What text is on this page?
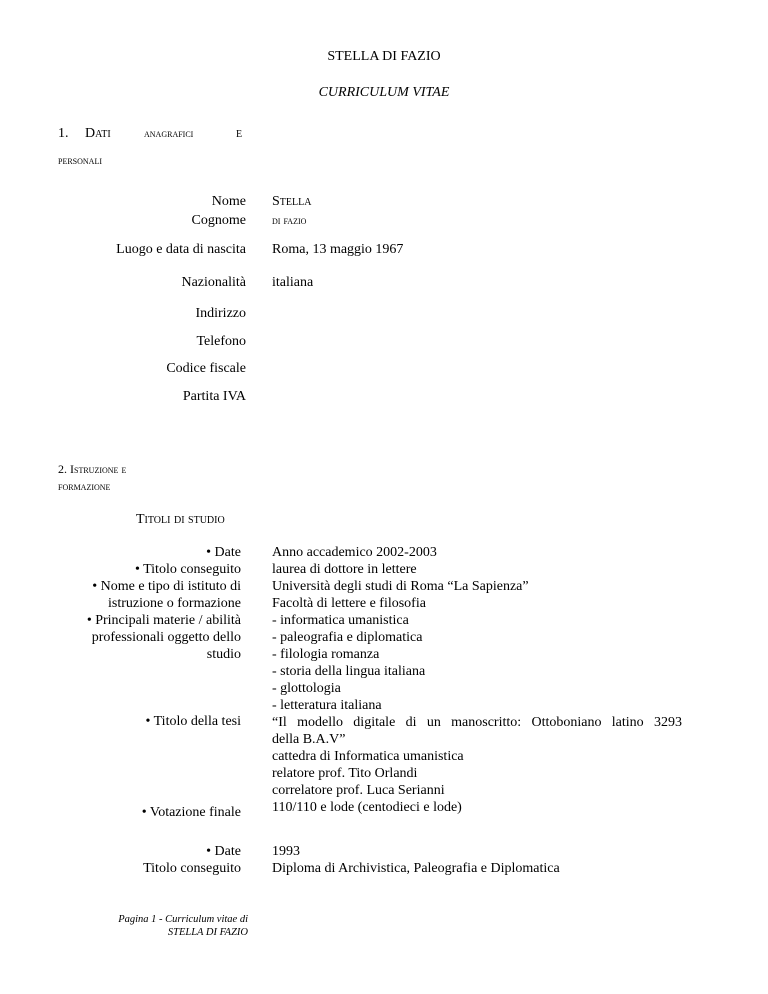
STELLA DI FAZIO
CURRICULUM VITAE
1. Dati	anagrafici	e
personali
Nome Stella
Cognome di fazio
Luogo e data di nascita Roma, 13 maggio 1967
Nazionalità italiana
Indirizzo
Telefono
Codice fiscale
Partita IVA
2. Istruzione e
formazione
Titoli di studio
• Date
• Titolo conseguito
• Nome e tipo di istituto di
istruzione o formazione
• Principali materie / abilità
professionali oggetto dello
studio
Anno accademico 2002-2003
laurea di dottore in lettere
Università degli studi di Roma “La Sapienza”
Facoltà di lettere e filosofia
- informatica umanistica
- paleografia e diplomatica
- filologia romanza
- storia della lingua italiana
- glottologia
- letteratura italiana
“Il modello digitale di un manoscritto: Ottoboniano latino 3293
della B.A.V”
cattedra di Informatica umanistica
relatore prof. Tito Orlandi
correlatore prof. Luca Serianni
110/110 e lode (centodieci e lode)
• Titolo della tesi
• Votazione finale
• Date
Titolo conseguito
1993
Diploma di Archivistica, Paleografia e Diplomatica
Pagina 1 - Curriculum vitae di
STELLA DI FAZIO
